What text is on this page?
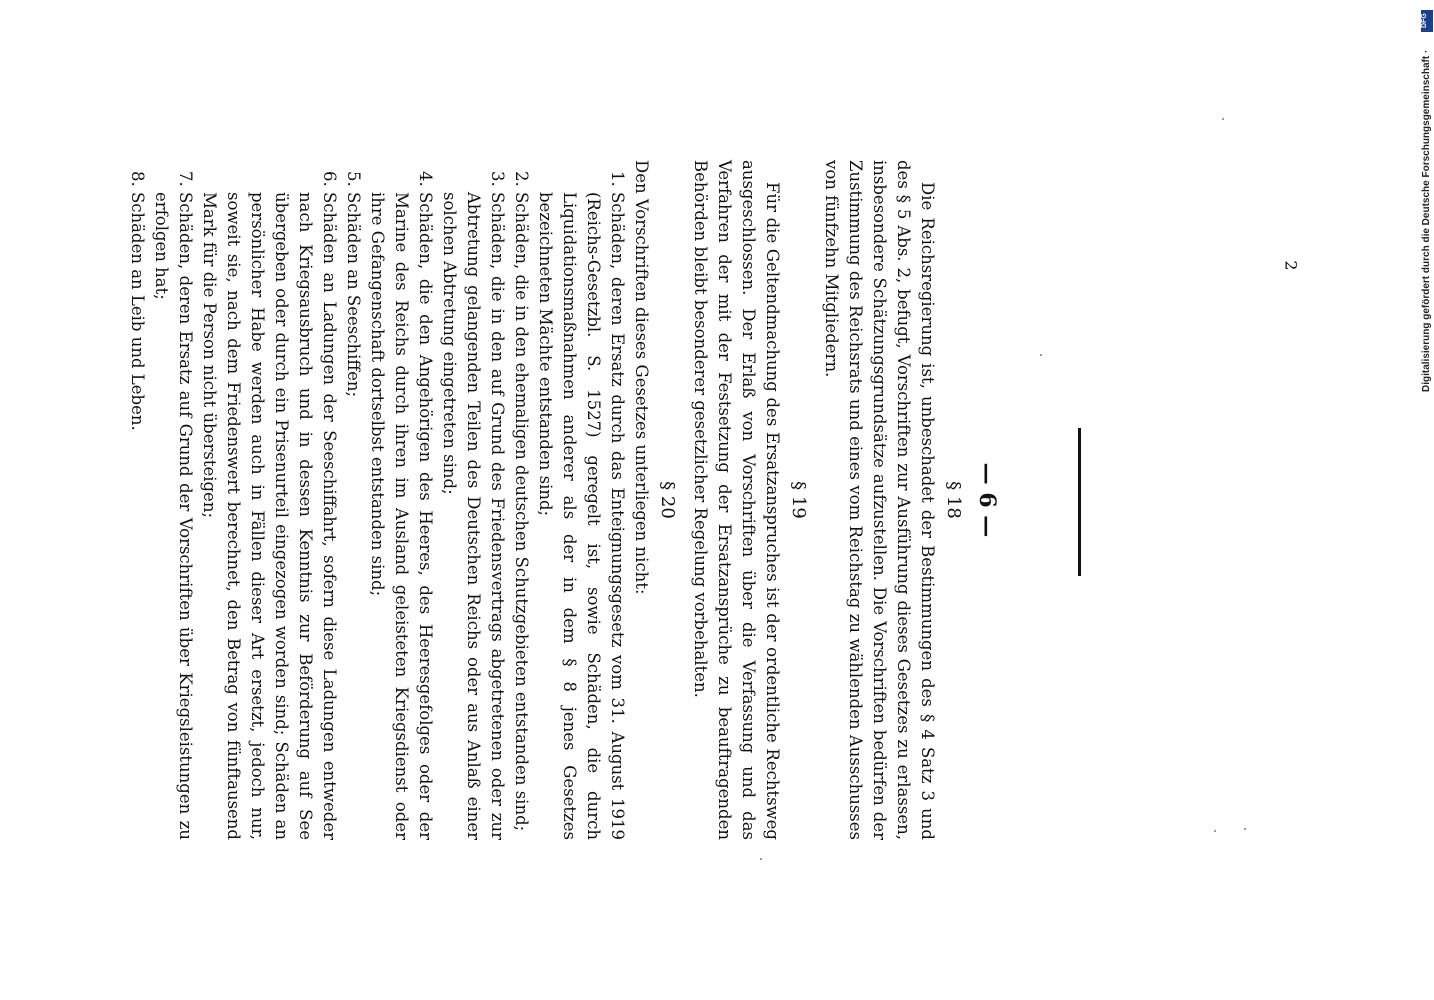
— 6 —
§ 18

Die Reichsregierung ist, unbeschadet der Bestimmungen des § 4 Satz 3 und des § 5 Abs. 2, befugt, Vorschriften zur Ausführung dieses Gesetzes zu erlassen, insbesondere Schätzungsgrundsätze aufzustellen. Die Vorschriften bedürfen der Zustimmung des Reichsrats und eines vom Reichstag zu wählenden Ausschusses von fünfzehn Mitgliedern.

§ 19

Für die Geltendmachung des Ersatzanspruches ist der ordentliche Rechtsweg ausgeschlossen. Der Erlaß von Vorschriften über die Verfassung und das Verfahren der mit der Festsetzung der Ersatzansprüche zu beauftragenden Behörden bleibt besonderer gesetzlicher Regelung vorbehalten.

§ 20

Den Vorschriften dieses Gesetzes unterliegen nicht:

1. Schäden, deren Ersatz durch das Enteignungsgesetz vom 31. August 1919 (Reichs-Gesetzbl. S. 1527) geregelt ist, sowie Schäden, die durch Liquidationsmaßnahmen anderer als der in dem § 8 jenes Gesetzes bezeichneten Mächte entstanden sind;
2. Schäden, die in den ehemaligen deutschen Schutzgebieten entstanden sind;
3. Schäden, die in den auf Grund des Friedensvertrags abgetretenen oder zur Abtretung gelangenden Teilen des Deutschen Reichs oder aus Anlaß einer solchen Abtretung eingetreten sind;
4. Schäden, die den Angehörigen des Heeres, des Heeresgefolges oder der Marine des Reichs durch ihren im Ausland geleisteten Kriegsdienst oder ihre Gefangenschaft dortselbst entstanden sind;
5. Schäden an Seeschiffen;
6. Schäden an Ladungen der Seeschiffahrt, sofern diese Ladungen entweder nach Kriegsausbruch und in dessen Kenntnis zur Beförderung auf See übergeben oder durch ein Prisenurteil eingezogen worden sind; Schäden an persönlicher Habe werden auch in Fällen dieser Art ersetzt, jedoch nur, soweit sie, nach dem Friedenswert berechnet, den Betrag von fünftausend Mark für die Person nicht übersteigen;
7. Schäden, deren Ersatz auf Grund der Vorschriften über Kriegsleistungen zu erfolgen hat;
8. Schäden an Leib und Leben.	2
DFG
Digitalisierung gefördert durch die Deutsche Forschungsgemeinschaft ·
